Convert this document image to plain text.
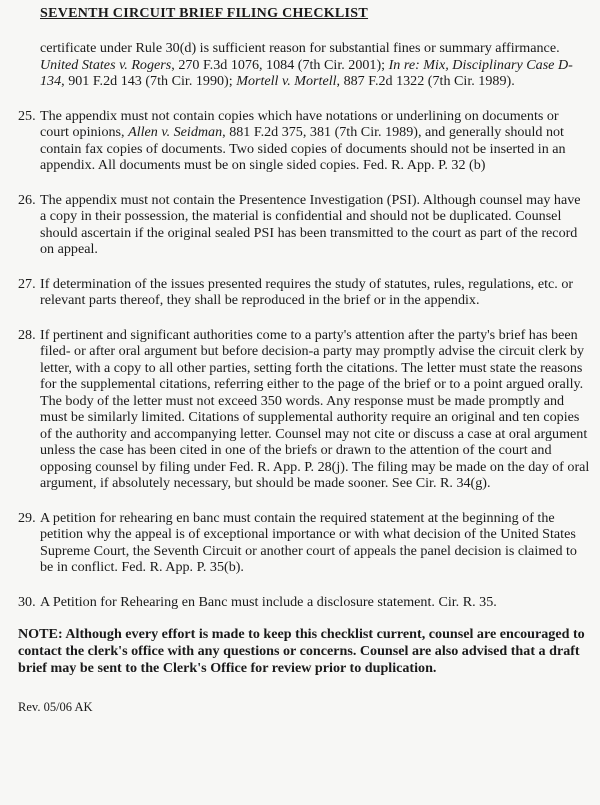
SEVENTH CIRCUIT BRIEF FILING CHECKLIST

certificate under Rule 30(d) is sufficient reason for substantial fines or summary affirmance. United States v. Rogers, 270 F.3d 1076, 1084 (7th Cir. 2001); In re: Mix, Disciplinary Case D-134, 901 F.2d 143 (7th Cir. 1990); Mortell v. Mortell, 887 F.2d 1322 (7th Cir. 1989).

25. The appendix must not contain copies which have notations or underlining on documents or court opinions, Allen v. Seidman, 881 F.2d 375, 381 (7th Cir. 1989), and generally should not contain fax copies of documents. Two sided copies of documents should not be inserted in an appendix. All documents must be on single sided copies. Fed. R. App. P. 32 (b)
26. The appendix must not contain the Presentence Investigation (PSI). Although counsel may have a copy in their possession, the material is confidential and should not be duplicated. Counsel should ascertain if the original sealed PSI has been transmitted to the court as part of the record on appeal.
27. If determination of the issues presented requires the study of statutes, rules, regulations, etc. or relevant parts thereof, they shall be reproduced in the brief or in the appendix.
28. If pertinent and significant authorities come to a party's attention after the party's brief has been filed- or after oral argument but before decision-a party may promptly advise the circuit clerk by letter, with a copy to all other parties, setting forth the citations. The letter must state the reasons for the supplemental citations, referring either to the page of the brief or to a point argued orally. The body of the letter must not exceed 350 words. Any response must be made promptly and must be similarly limited. Citations of supplemental authority require an original and ten copies of the authority and accompanying letter. Counsel may not cite or discuss a case at oral argument unless the case has been cited in one of the briefs or drawn to the attention of the court and opposing counsel by filing under Fed. R. App. P. 28(j). The filing may be made on the day of oral argument, if absolutely necessary, but should be made sooner. See Cir. R. 34(g).
29. A petition for rehearing en banc must contain the required statement at the beginning of the petition why the appeal is of exceptional importance or with what decision of the United States Supreme Court, the Seventh Circuit or another court of appeals the panel decision is claimed to be in conflict. Fed. R. App. P. 35(b).
30. A Petition for Rehearing en Banc must include a disclosure statement. Cir. R. 35.
NOTE: Although every effort is made to keep this checklist current, counsel are encouraged to contact the clerk's office with any questions or concerns. Counsel are also advised that a draft brief may be sent to the Clerk's Office for review prior to duplication.
Rev. 05/06 AK
